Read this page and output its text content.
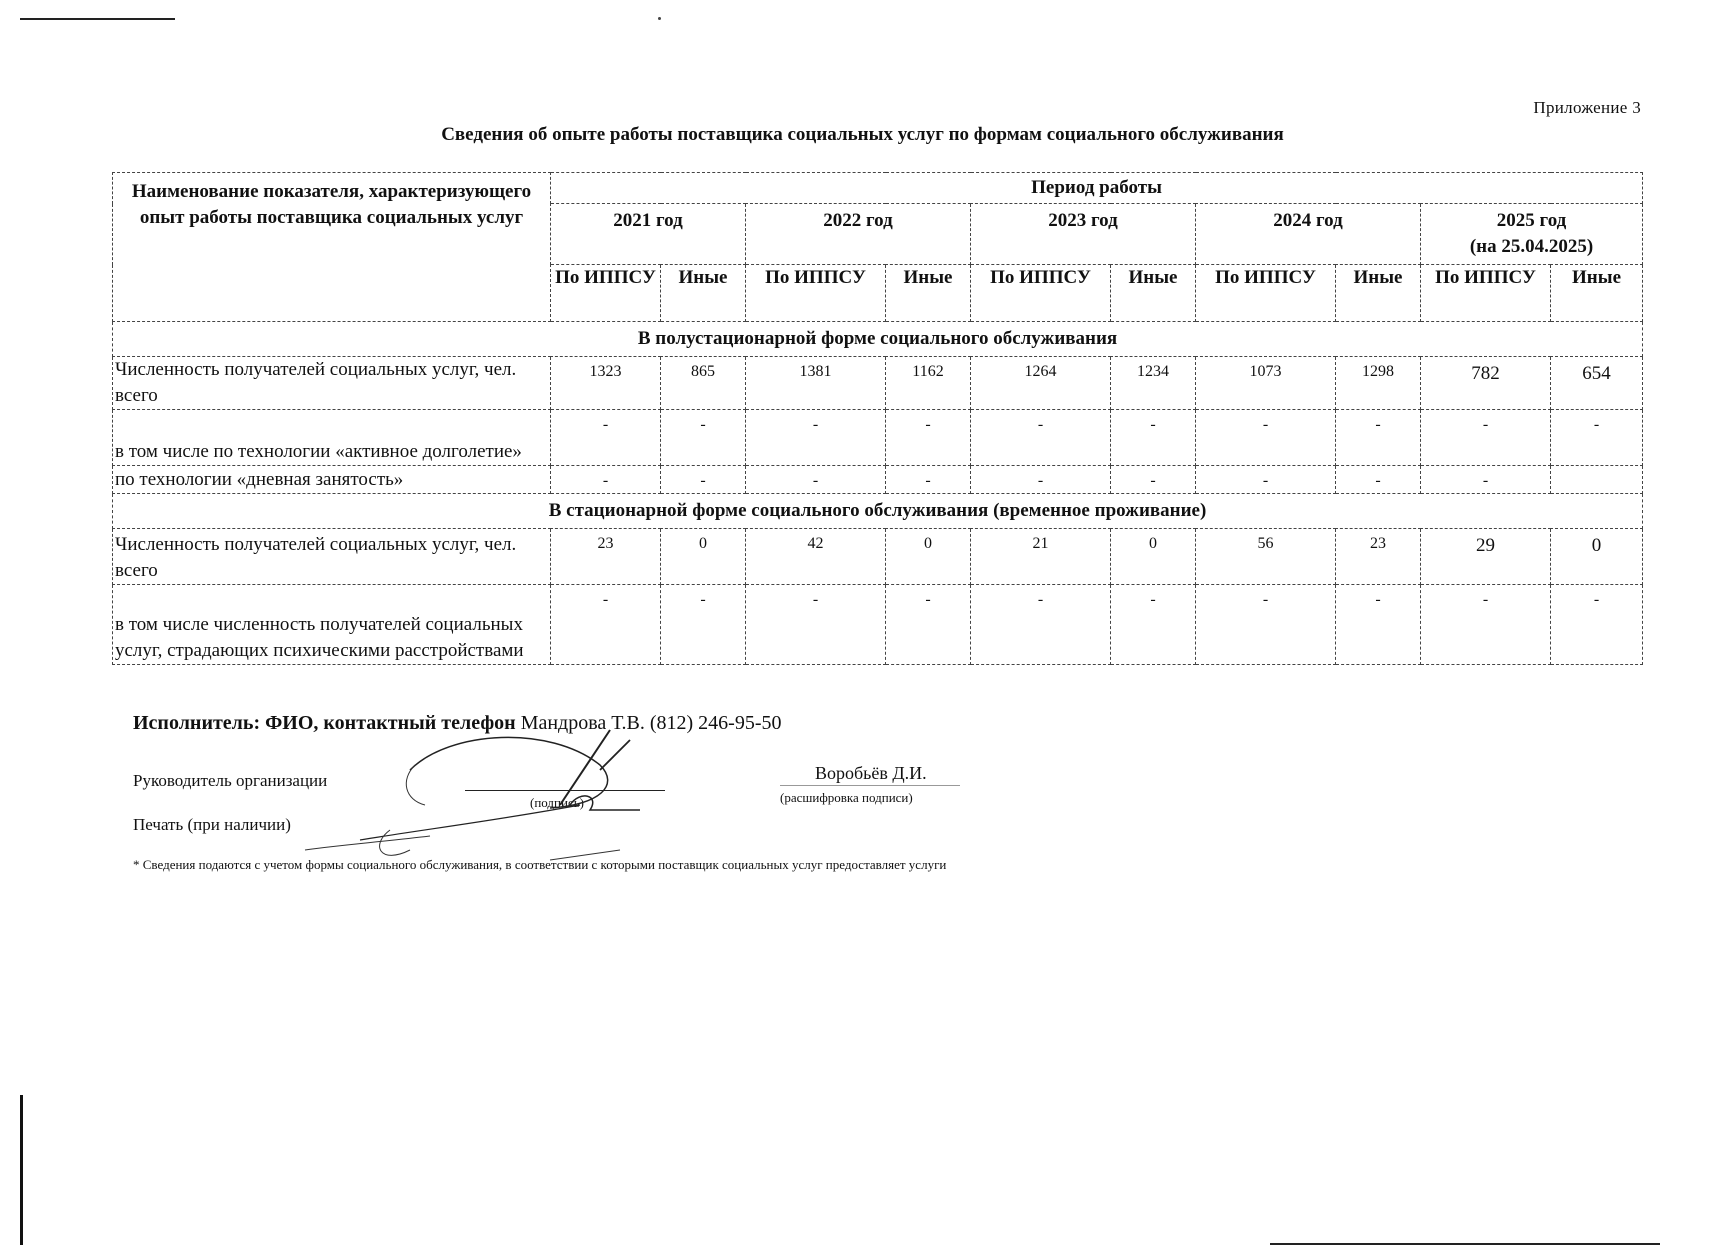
Приложение 3
Сведения об опыте работы поставщика социальных услуг по формам социального обслуживания
Наименование показателя, характеризующего опыт работы поставщика социальных услуг	Период работы									
	2021 год		2022 год		2023 год		2024 год		2025 год
(на 25.04.2025)	
	По ИППСУ	Иные	По ИППСУ	Иные	По ИППСУ	Иные	По ИППСУ	Иные	По ИППСУ	Иные
В полустационарной форме социального обслуживания										
Численность получателей социальных услуг, чел. всего	1323	865	1381	1162	1264	1234	1073	1298	782	654
в том числе по технологии «активное долголетие»	-	-	-	-	-	-	-	-	-	-
по технологии «дневная занятость»	-	-	-	-	-	-	-	-	-	
В стационарной форме социального обслуживания (временное проживание)										
Численность получателей социальных услуг, чел. всего	23	0	42	0	21	0	56	23	29	0
в том числе численность получателей социальных услуг, страдающих психическими расстройствами	-	-	-	-	-	-	-	-	-	-
Исполнитель: ФИО, контактный телефон Мандрова Т.В. (812) 246-95-50
Руководитель организации
(подпись)
Воробьёв Д.И.
(расшифровка подписи)
Печать (при наличии)
* Сведения подаются с учетом формы социального обслуживания, в соответствии с которыми поставщик социальных услуг предоставляет услуги
